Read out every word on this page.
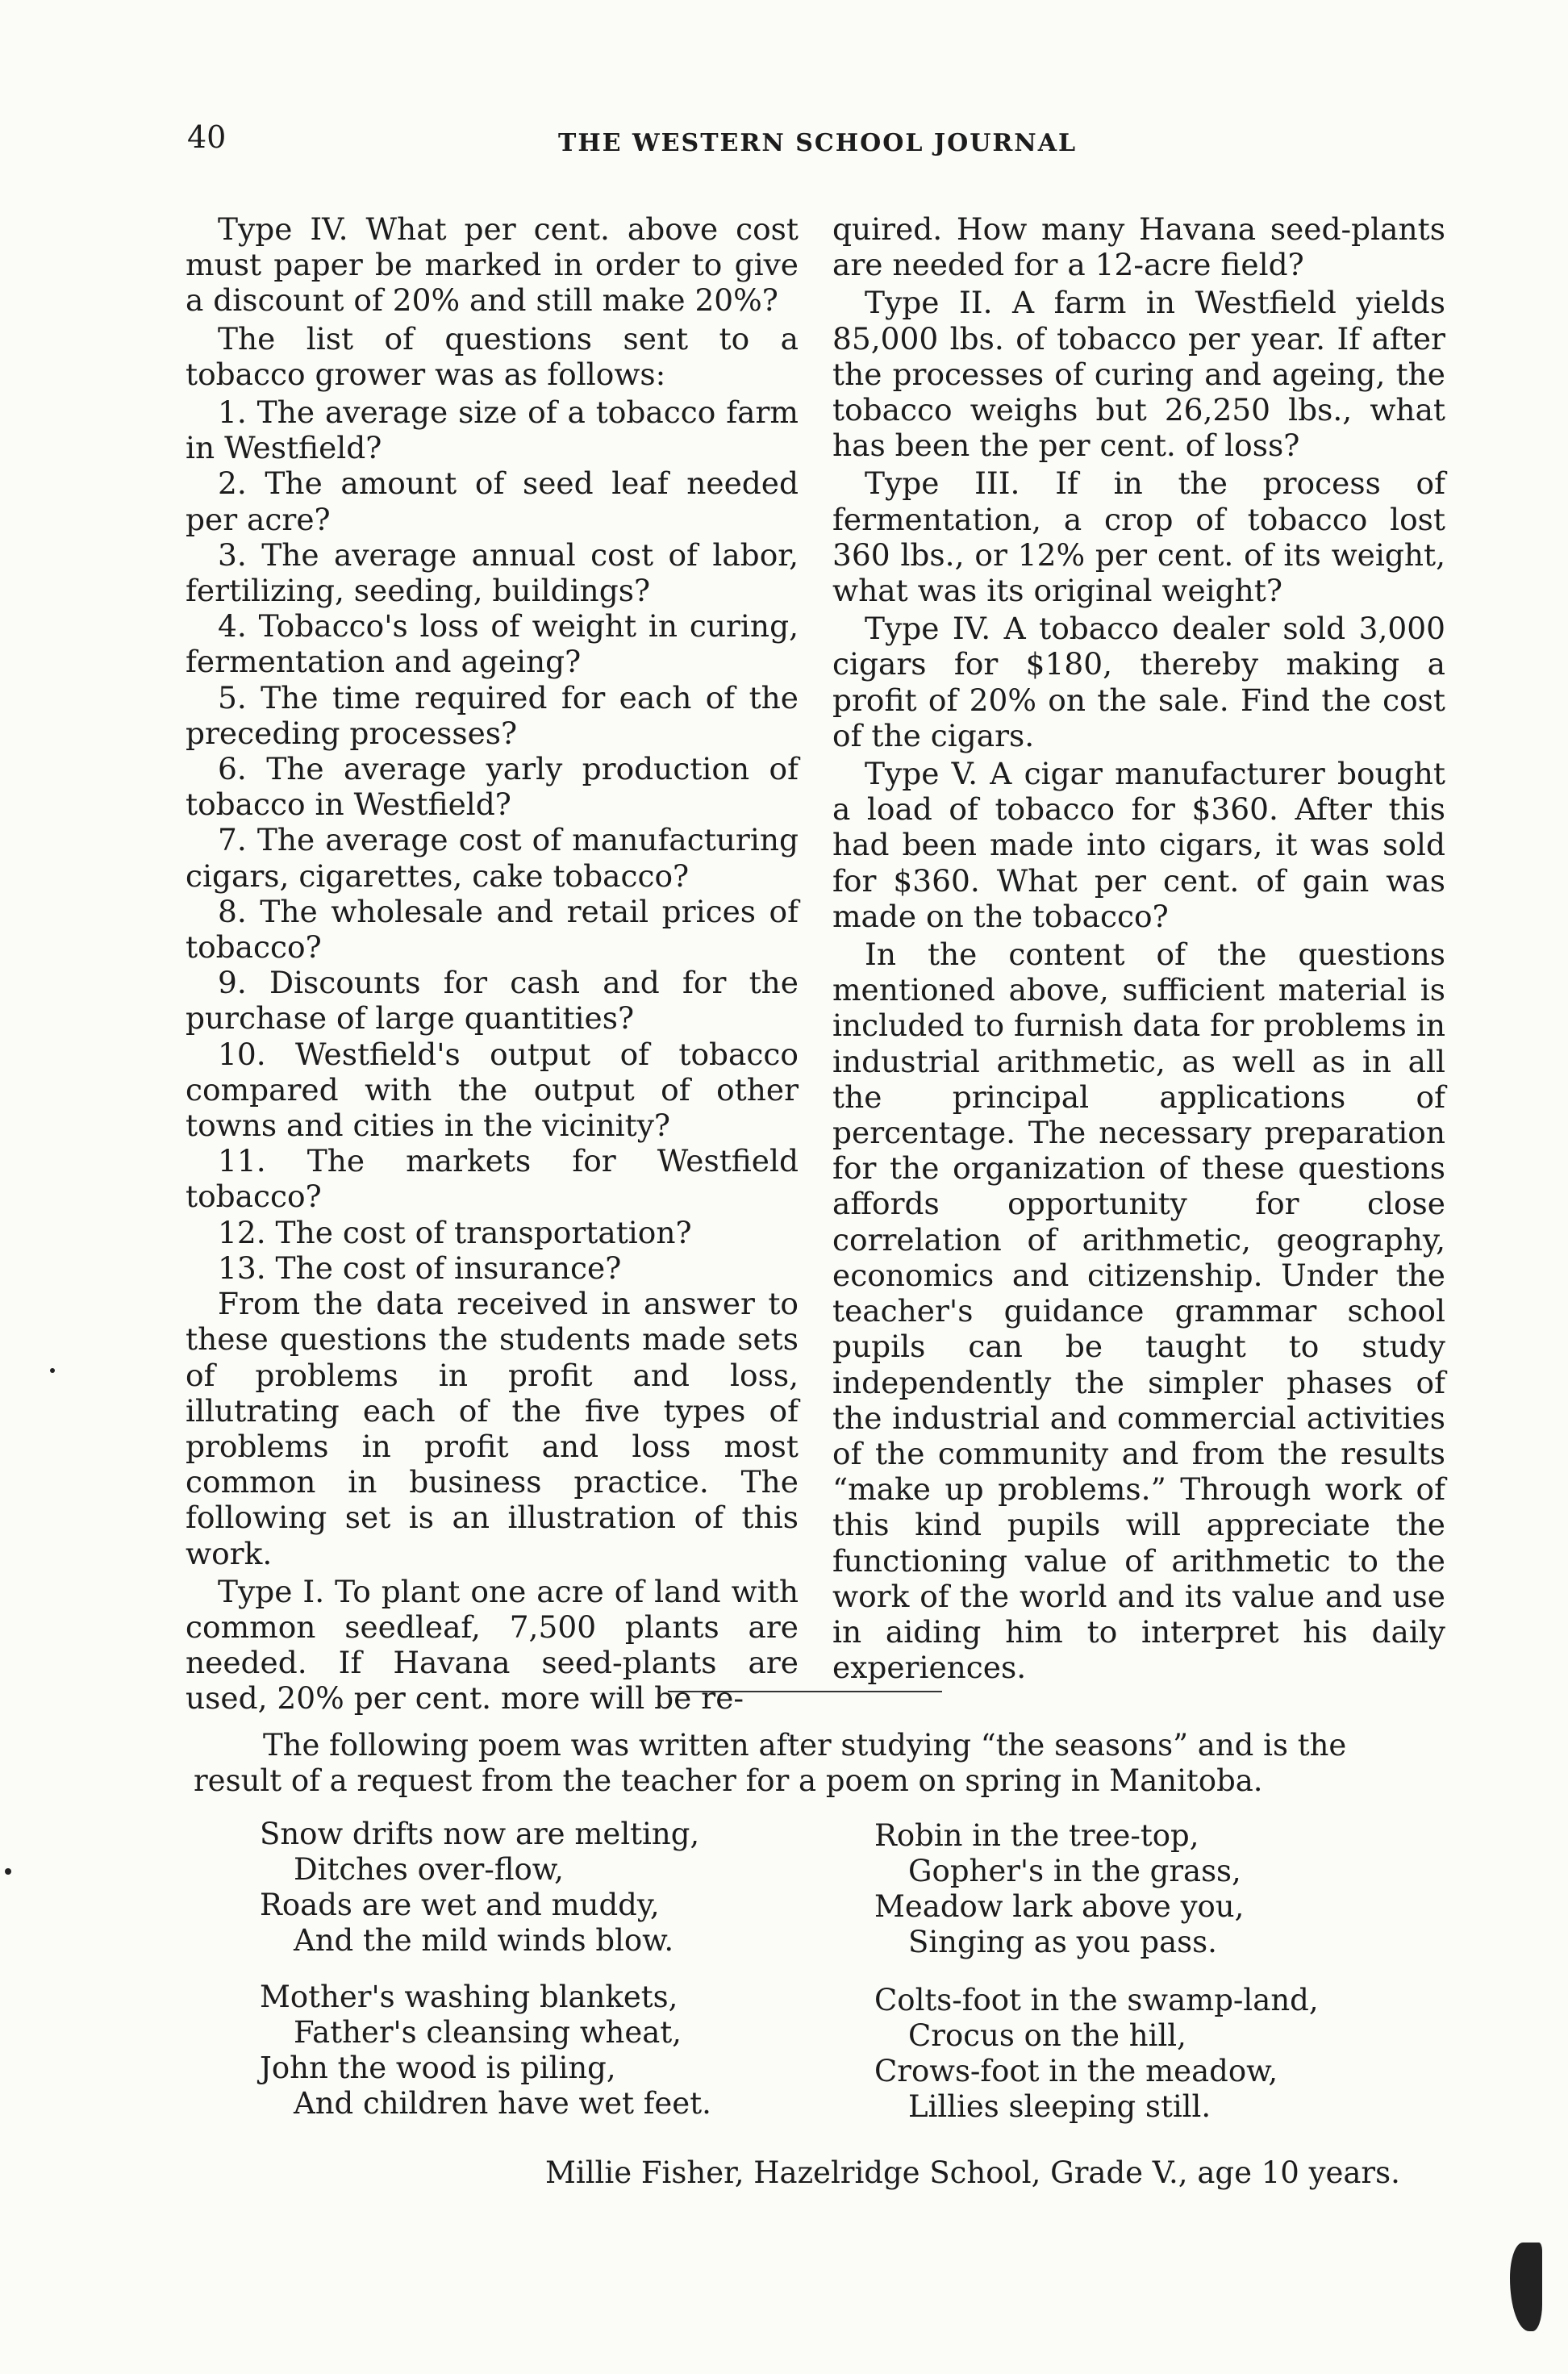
40	THE WESTERN SCHOOL JOURNAL

Type IV. What per cent. above cost must paper be marked in order to give a discount of 20% and still make 20%?

The list of questions sent to a tobacco grower was as follows:

1. The average size of a tobacco farm in Westfield?

2. The amount of seed leaf needed per acre?

3. The average annual cost of labor, fertilizing, seeding, buildings?

4. Tobacco's loss of weight in curing, fermentation and ageing?

5. The time required for each of the preceding processes?

6. The average yarly production of tobacco in Westfield?

7. The average cost of manufacturing cigars, cigarettes, cake tobacco?

8. The wholesale and retail prices of tobacco?

9. Discounts for cash and for the purchase of large quantities?

10. Westfield's output of tobacco compared with the output of other towns and cities in the vicinity?

11. The markets for Westfield tobacco?

12. The cost of transportation?

13. The cost of insurance?

From the data received in answer to these questions the students made sets of problems in profit and loss, illutrating each of the five types of problems in profit and loss most common in business practice. The following set is an illustration of this work.

Type I. To plant one acre of land with common seedleaf, 7,500 plants are needed. If Havana seed-plants are used, 20% per cent. more will be re-

quired. How many Havana seed-plants are needed for a 12-acre field?

Type II. A farm in Westfield yields 85,000 lbs. of tobacco per year. If after the processes of curing and ageing, the tobacco weighs but 26,250 lbs., what has been the per cent. of loss?

Type III. If in the process of fermentation, a crop of tobacco lost 360 lbs., or 12% per cent. of its weight, what was its original weight?

Type IV. A tobacco dealer sold 3,000 cigars for $180, thereby making a profit of 20% on the sale. Find the cost of the cigars.

Type V. A cigar manufacturer bought a load of tobacco for $360. After this had been made into cigars, it was sold for $360. What per cent. of gain was made on the tobacco?

In the content of the questions mentioned above, sufficient material is included to furnish data for problems in industrial arithmetic, as well as in all the principal applications of percentage. The necessary preparation for the organization of these questions affords opportunity for close correlation of arithmetic, geography, economics and citizenship. Under the teacher's guidance grammar school pupils can be taught to study independently the simpler phases of the industrial and commercial activities of the community and from the results “make up problems.” Through work of this kind pupils will appreciate the functioning value of arithmetic to the work of the world and its value and use in aiding him to interpret his daily experiences.

The following poem was written after studying “the seasons” and is the result of a request from the teacher for a poem on spring in Manitoba.

Snow drifts now are melting,
Ditches over-flow,
Roads are wet and muddy,
And the mild winds blow.
Mother's washing blankets,
Father's cleansing wheat,
John the wood is piling,
And children have wet feet.
Robin in the tree-top,
Gopher's in the grass,
Meadow lark above you,
Singing as you pass.
Colts-foot in the swamp-land,
Crocus on the hill,
Crows-foot in the meadow,
Lillies sleeping still.
Millie Fisher, Hazelridge School, Grade V., age 10 years.
